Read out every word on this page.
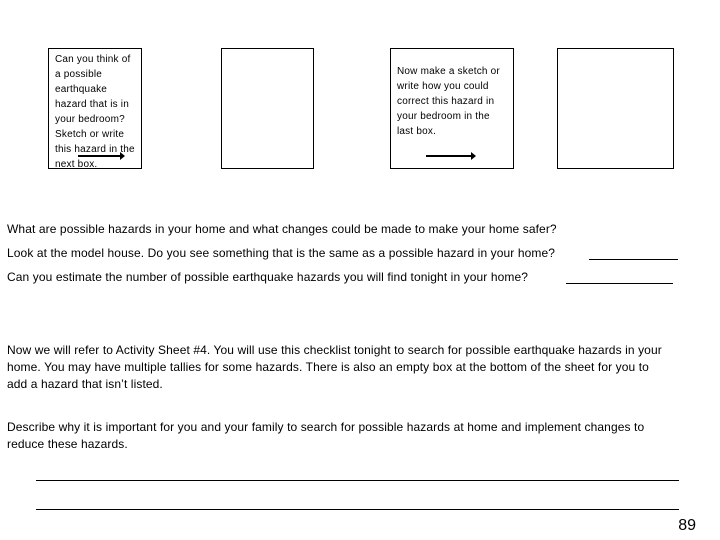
Can you think of a possible earthquake hazard that is in your bedroom? Sketch or write this hazard in the next box.
Now make a sketch or write how you could correct this hazard in your bedroom in the last box.
What are possible hazards in your home and what changes could be made to make your home safer?
Look at the model house. Do you see something that is the same as a possible hazard in your home?
Can you estimate the number of possible earthquake hazards you will find tonight in your home?
Now we will refer to Activity Sheet #4. You will use this checklist tonight to search for possible earthquake hazards in your home. You may have multiple tallies for some hazards. There is also an empty box at the bottom of the sheet for you to add a hazard that isn’t listed.
Describe why it is important for you and your family to search for possible hazards at home and implement changes to reduce these hazards.
89
